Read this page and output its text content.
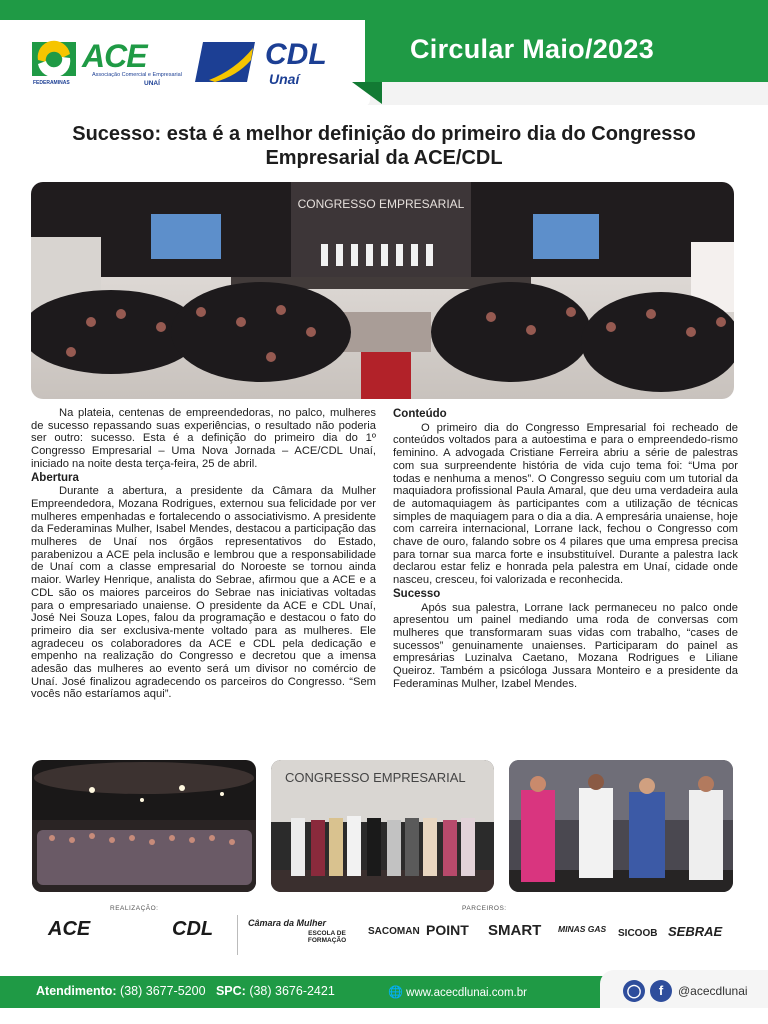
Circular Maio/2023
ACE
Associação Comercial e Empresarial
UNAÍ
FEDERAMINAS
CDL
Unaí
Sucesso: esta é a melhor definição do primeiro dia do Congresso Empresarial da ACE/CDL
CONGRESSO EMPRESARIAL

Na plateia, centenas de empreendedoras, no palco, mulheres de sucesso repassando suas experiências, o resultado não poderia ser outro: sucesso. Esta é a definição do primeiro dia do 1º Congresso Empresarial – Uma Nova Jornada – ACE/CDL Unaí, iniciado na noite desta terça-feira, 25 de abril.

Abertura

Durante a abertura, a presidente da Câmara da Mulher Empreendedora, Mozana Rodrigues, externou sua felicidade por ver mulheres empenhadas e fortalecendo o associativismo. A presidente da Federaminas Mulher, Isabel Mendes, destacou a participação das mulheres de Unaí nos órgãos representativos do Estado, parabenizou a ACE pela inclusão e lembrou que a responsabilidade de Unaí com a classe empresarial do Noroeste se tornou ainda maior. Warley Henrique, analista do Sebrae, afirmou que a ACE e a CDL são os maiores parceiros do Sebrae nas iniciativas voltadas para o empresariado unaiense. O presidente da ACE e CDL Unaí, José Nei Souza Lopes, falou da programação e destacou o fato do primeiro dia ser exclusiva-mente voltado para as mulheres. Ele agradeceu os colaboradores da ACE e CDL pela dedicação e empenho na realização do Congresso e decretou que a imensa adesão das mulheres ao evento será um divisor no comércio de Unaí. José finalizou agradecendo os parceiros do Congresso. “Sem vocês não estaríamos aqui”.

Conteúdo

O primeiro dia do Congresso Empresarial foi recheado de conteúdos voltados para a autoestima e para o empreendedo-rismo feminino. A advogada Cristiane Ferreira abriu a série de palestras com sua surpreendente história de vida cujo tema foi: “Uma por todas e nenhuma a menos”. O Congresso seguiu com um tutorial da maquiadora profissional Paula Amaral, que deu uma verdadeira aula de automaquiagem às participantes com a utilização de técnicas simples de maquiagem para o dia a dia. A empresária unaiense, hoje com carreira internacional, Lorrane Iack, fechou o Congresso com chave de ouro, falando sobre os 4 pilares que uma empresa precisa para tornar sua marca forte e insubstituível. Durante a palestra Iack declarou estar feliz e honrada pela palestra em Unaí, cidade onde nasceu, cresceu, foi valorizada e reconhecida.

Sucesso

Após sua palestra, Lorrane Iack permaneceu no palco onde apresentou um painel mediando uma roda de conversas com mulheres que transformaram suas vidas com trabalho, “cases de sucessos” genuinamente unaienses. Participaram do painel as empresárias Luzinalva Caetano, Mozana Rodrigues e Liliane Queiroz. Também a psicóloga Jussara Monteiro e a presidente da Federaminas Mulher, Izabel Mendes.

CONGRESSO EMPRESARIAL
REALIZAÇÃO:	PARCEIROS:
ACE	CDL	Câmara da Mulher
ESCOLA DE FORMAÇÃO
SACOMAN POINT SMART MINAS GAS SICOOB SEBRAE
Atendimento: (38) 3677-5200 SPC: (38) 3676-2421	🌐 www.acecdlunai.com.br	◯	f	@acecdlunai
